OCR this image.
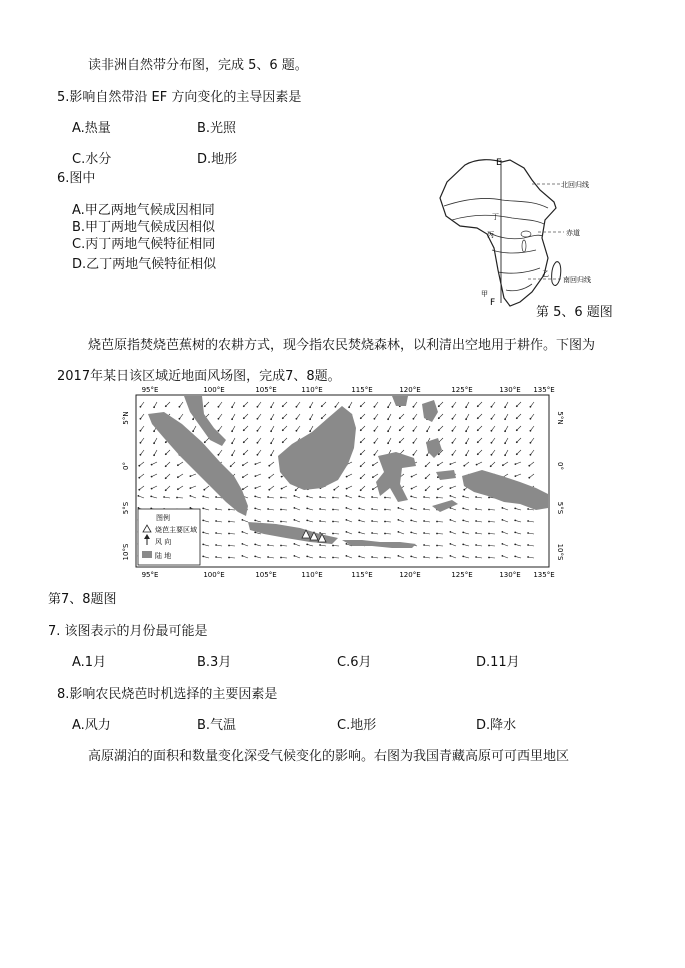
读非洲自然带分布图，完成 5、6 题。
5.影响自然带沿 EF 方向变化的主导因素是
A.热量	B.光照
C.水分	D.地形
6.图中
A.甲乙两地气候成因相同
B.甲丁两地气候成因相似
C.丙丁两地气候特征相同
D.乙丁两地气候特征相似
E
F
北回归线
赤道
南回归线
甲
乙
丙
丁
第 5、6 题图
烧芭原指焚烧芭蕉树的农耕方式，现今指农民焚烧森林，以利清出空地用于耕作。下图为
2017年某日该区域近地面风场图，完成7、8题。
图例
烧芭主要区域
风 向
陆 地
95°E	100°E	105°E	110°E	115°E	120°E	125°E	130°E 135°E
95°E	100°E	105°E	110°E	115°E	120°E	125°E	130°E 135°E
5°N
0°
5°S
10°S
5°N
0°
5°S
10°S
第7、8题图
7. 该图表示的月份最可能是
A.1月	B.3月	C.6月	D.11月
8.影响农民烧芭时机选择的主要因素是
A.风力	B.气温	C.地形	D.降水
高原湖泊的面积和数量变化深受气候变化的影响。右图为我国青藏高原可可西里地区
